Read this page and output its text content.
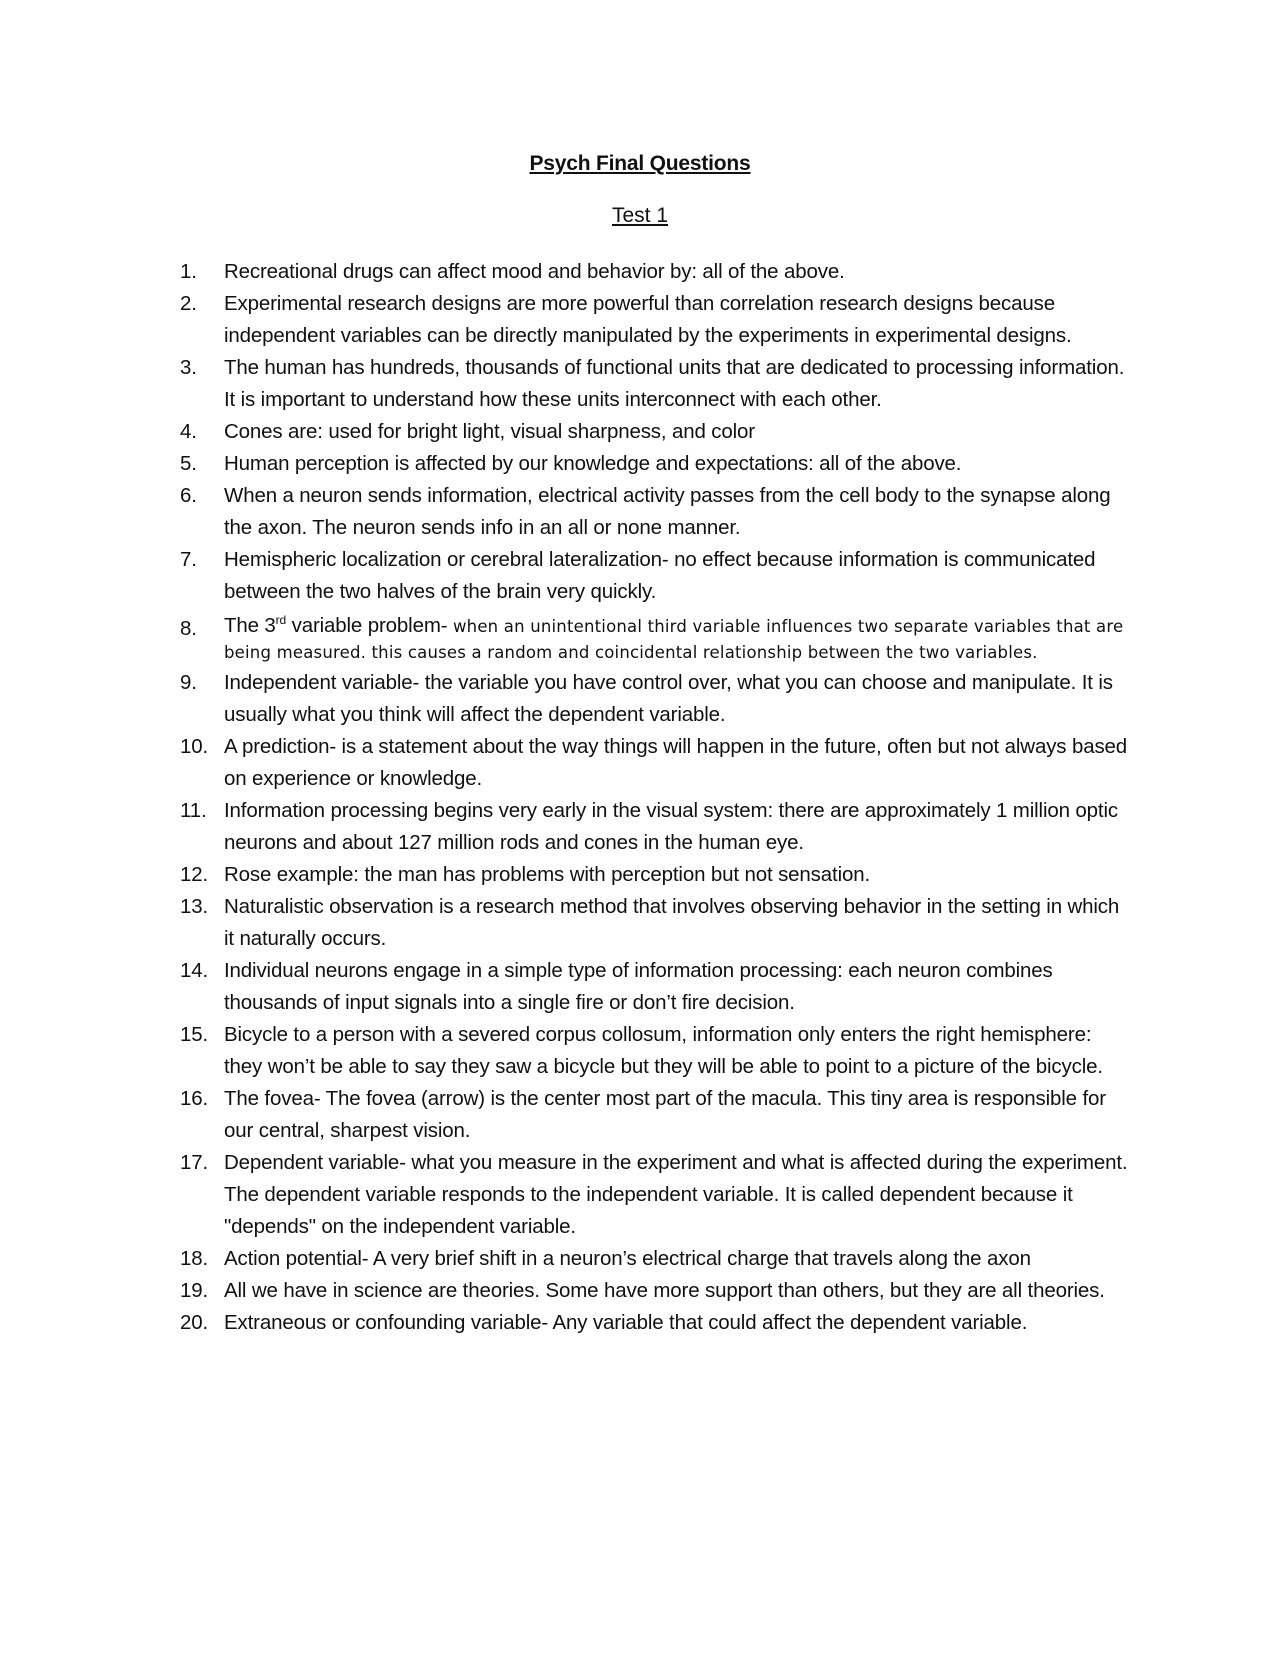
Psych Final Questions
Test 1
1.	Recreational drugs can affect mood and behavior by: all of the above.
2.	Experimental research designs are more powerful than correlation research designs because independent variables can be directly manipulated by the experiments in experimental designs.
3.	The human has hundreds, thousands of functional units that are dedicated to processing information. It is important to understand how these units interconnect with each other.
4.	Cones are: used for bright light, visual sharpness, and color
5.	Human perception is affected by our knowledge and expectations: all of the above.
6.	When a neuron sends information, electrical activity passes from the cell body to the synapse along the axon. The neuron sends info in an all or none manner.
7.	Hemispheric localization or cerebral lateralization- no effect because information is communicated between the two halves of the brain very quickly.
8.	The 3rd variable problem- when an unintentional third variable influences two separate variables that are being measured. this causes a random and coincidental relationship between the two variables.
9.	Independent variable- the variable you have control over, what you can choose and manipulate. It is usually what you think will affect the dependent variable.
10. A prediction- is a statement about the way things will happen in the future, often but not always based on experience or knowledge.
11. Information processing begins very early in the visual system: there are approximately 1 million optic neurons and about 127 million rods and cones in the human eye.
12. Rose example: the man has problems with perception but not sensation.
13. Naturalistic observation is a research method that involves observing behavior in the setting in which it naturally occurs.
14. Individual neurons engage in a simple type of information processing: each neuron combines thousands of input signals into a single fire or don’t fire decision.
15. Bicycle to a person with a severed corpus collosum, information only enters the right hemisphere:    they won’t be able to say they saw a bicycle but they will be able to point to a picture of the bicycle.
16. The fovea- The fovea (arrow) is the center most part of the macula. This tiny area is responsible for our central, sharpest vision.
17. Dependent variable- what you measure in the experiment and what is affected during the experiment. The dependent variable responds to the independent variable. It is called dependent because it "depends" on the independent variable.
18. Action potential- A very brief shift in a neuron’s electrical charge that travels along the axon
19. All we have in science are theories. Some have more support than others, but they are all theories.
20. Extraneous or confounding variable- Any variable that could affect the dependent variable.
